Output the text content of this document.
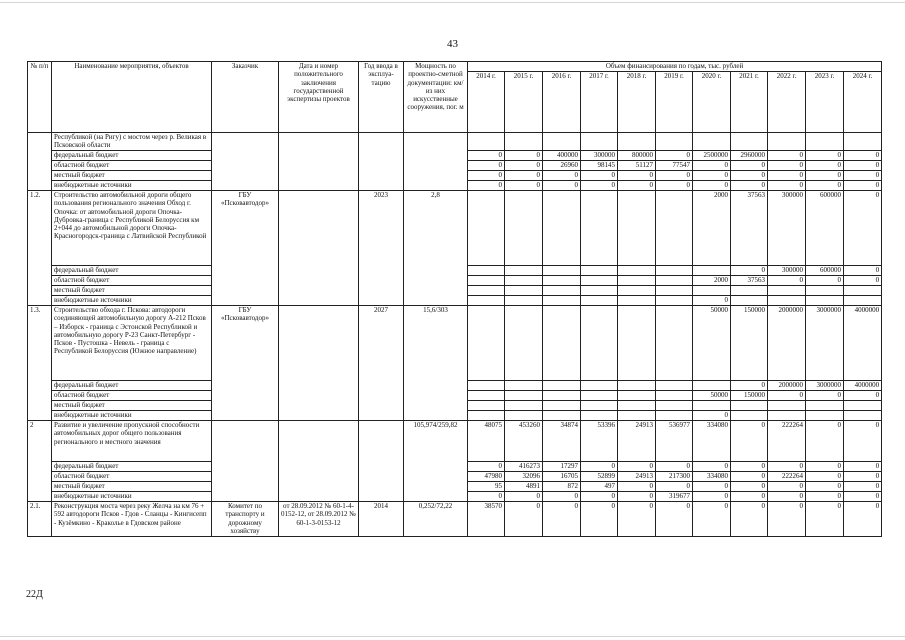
43
№ п/п	Наименование мероприятия, объектов	Заказчик	Дата и номер положительного заключения государственной экспертизы проектов	Год ввода в эксплуа-тацию	Мощность по проектно-сметной документации: км/из них искусственные сооружения, пог. м	Объем финансирования по годам, тыс. рублей										
						2014 г.	2015 г.	2016 г.	2017 г.	2018 г.	2019 г.	2020 г.	2021 г.	2022 г.	2023 г.	2024 г.
	Республикой (на Ригу) с мостом через р. Великая в Псковской области															
	федеральный бюджет					0	0	400000	300000	800000	0	2500000	2960000	0	0	0
	областной бюджет					0	0	26960	98145	51127	77547	0	0	0	0	0
	местный бюджет					0	0	0	0	0	0	0	0	0	0	0
	внебюджетные источники					0	0	0	0	0	0	0	0	0	0	0
1.2.	Строительство автомобильной дороги общего пользования регионального значения Обход г. Опочка: от автомобильной дороги Опочка-Дубровка-граница с Республикой Белоруссия км 2+044 до автомобильной дороги Опочка-Красногородск-граница с Латвийской Республикой	ГБУ «Псковавтодор»		2023	2,8							2000	37563	300000	600000	0
	федеральный бюджет												0	300000	600000	0
	областной бюджет											2000	37563	0	0	0
	местный бюджет															
	внебюджетные источники											0				
1.3.	Строительство обхода г. Пскова: автодороги соединяющей автомобильную дорогу А-212 Псков – Изборск - граница с Эстонской Республикой и автомобильную дорогу Р-23 Санкт-Петербург - Псков - Пустошка - Невель - граница с Республикой Белоруссия (Южное направление)	ГБУ «Псковавтодор»		2027	15,6/303							50000	150000	2000000	3000000	4000000
	федеральный бюджет												0	2000000	3000000	4000000
	областной бюджет											50000	150000	0	0	0
	местный бюджет															
	внебюджетные источники											0				
2	Развитие и увеличение пропускной способности автомобильных дорог общего пользования регионального и местного значения				105,974/259,82	48075	453260	34874	53396	24913	536977	334080	0	222264	0	0
	федеральный бюджет					0	416273	17297	0	0	0	0	0	0	0	0
	областной бюджет					47980	32096	16705	52899	24913	217300	334080	0	222264	0	0
	местный бюджет					95	4891	872	497	0	0	0	0	0	0	0
	внебюджетные источники					0	0	0	0	0	319677	0	0	0	0	0
2.1.	Реконструкция моста через реку Желча на км 76 + 592 автодороги Псков - Гдов - Сланцы - Кингисепп - Кузёмкино - Краколье в Гдовском районе	Комитет по транспорту и дорожному хозяйству	от 28.09.2012 № 60-1-4-0152-12, от 28.09.2012 № 60-1-3-0153-12	2014	0,252/72,22	38570	0	0	0	0	0	0	0	0	0	0
22Д
